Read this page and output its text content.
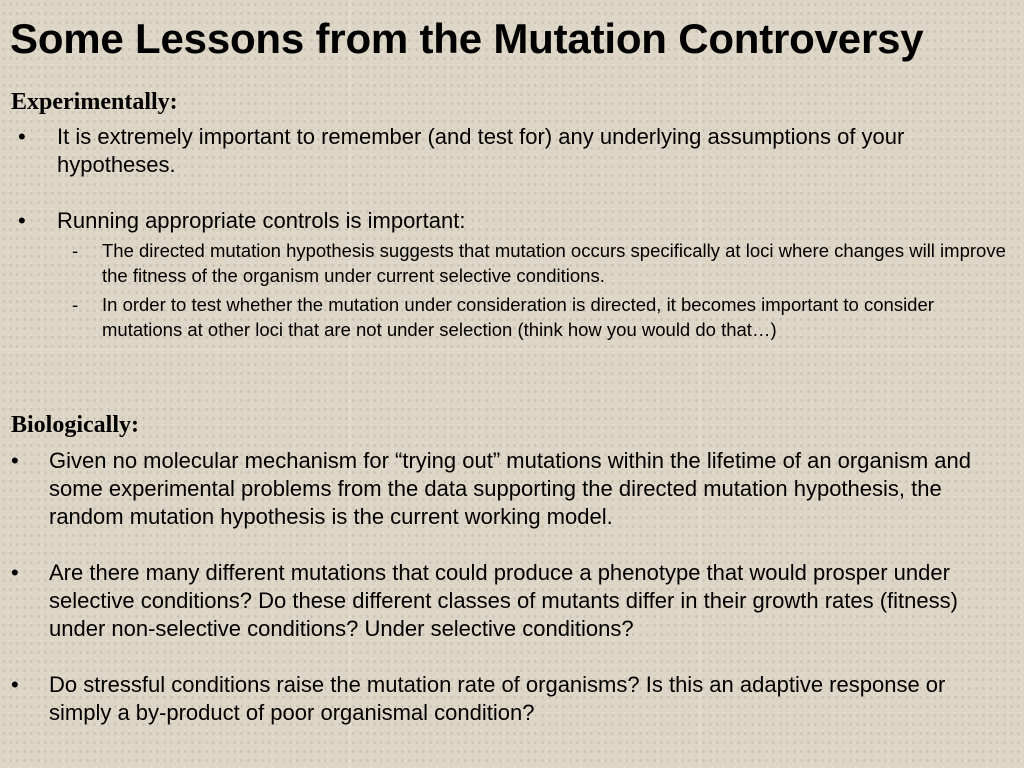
Some Lessons from the Mutation Controversy
Experimentally:
• It is extremely important to remember (and test for) any underlying assumptions of your hypotheses.
• Running appropriate controls is important:
- The directed mutation hypothesis suggests that mutation occurs specifically at loci where changes will improve the fitness of the organism under current selective conditions.
- In order to test whether the mutation under consideration is directed, it becomes important to consider mutations at other loci that are not under selection (think how you would do that…)
Biologically:
• Given no molecular mechanism for “trying out” mutations within the lifetime of an organism and some experimental problems from the data supporting the directed mutation hypothesis, the random mutation hypothesis is the current working model.
• Are there many different mutations that could produce a phenotype that would prosper under selective conditions? Do these different classes of mutants differ in their growth rates (fitness) under non-selective conditions? Under selective conditions?
• Do stressful conditions raise the mutation rate of organisms? Is this an adaptive response or simply a by-product of poor organismal condition?
